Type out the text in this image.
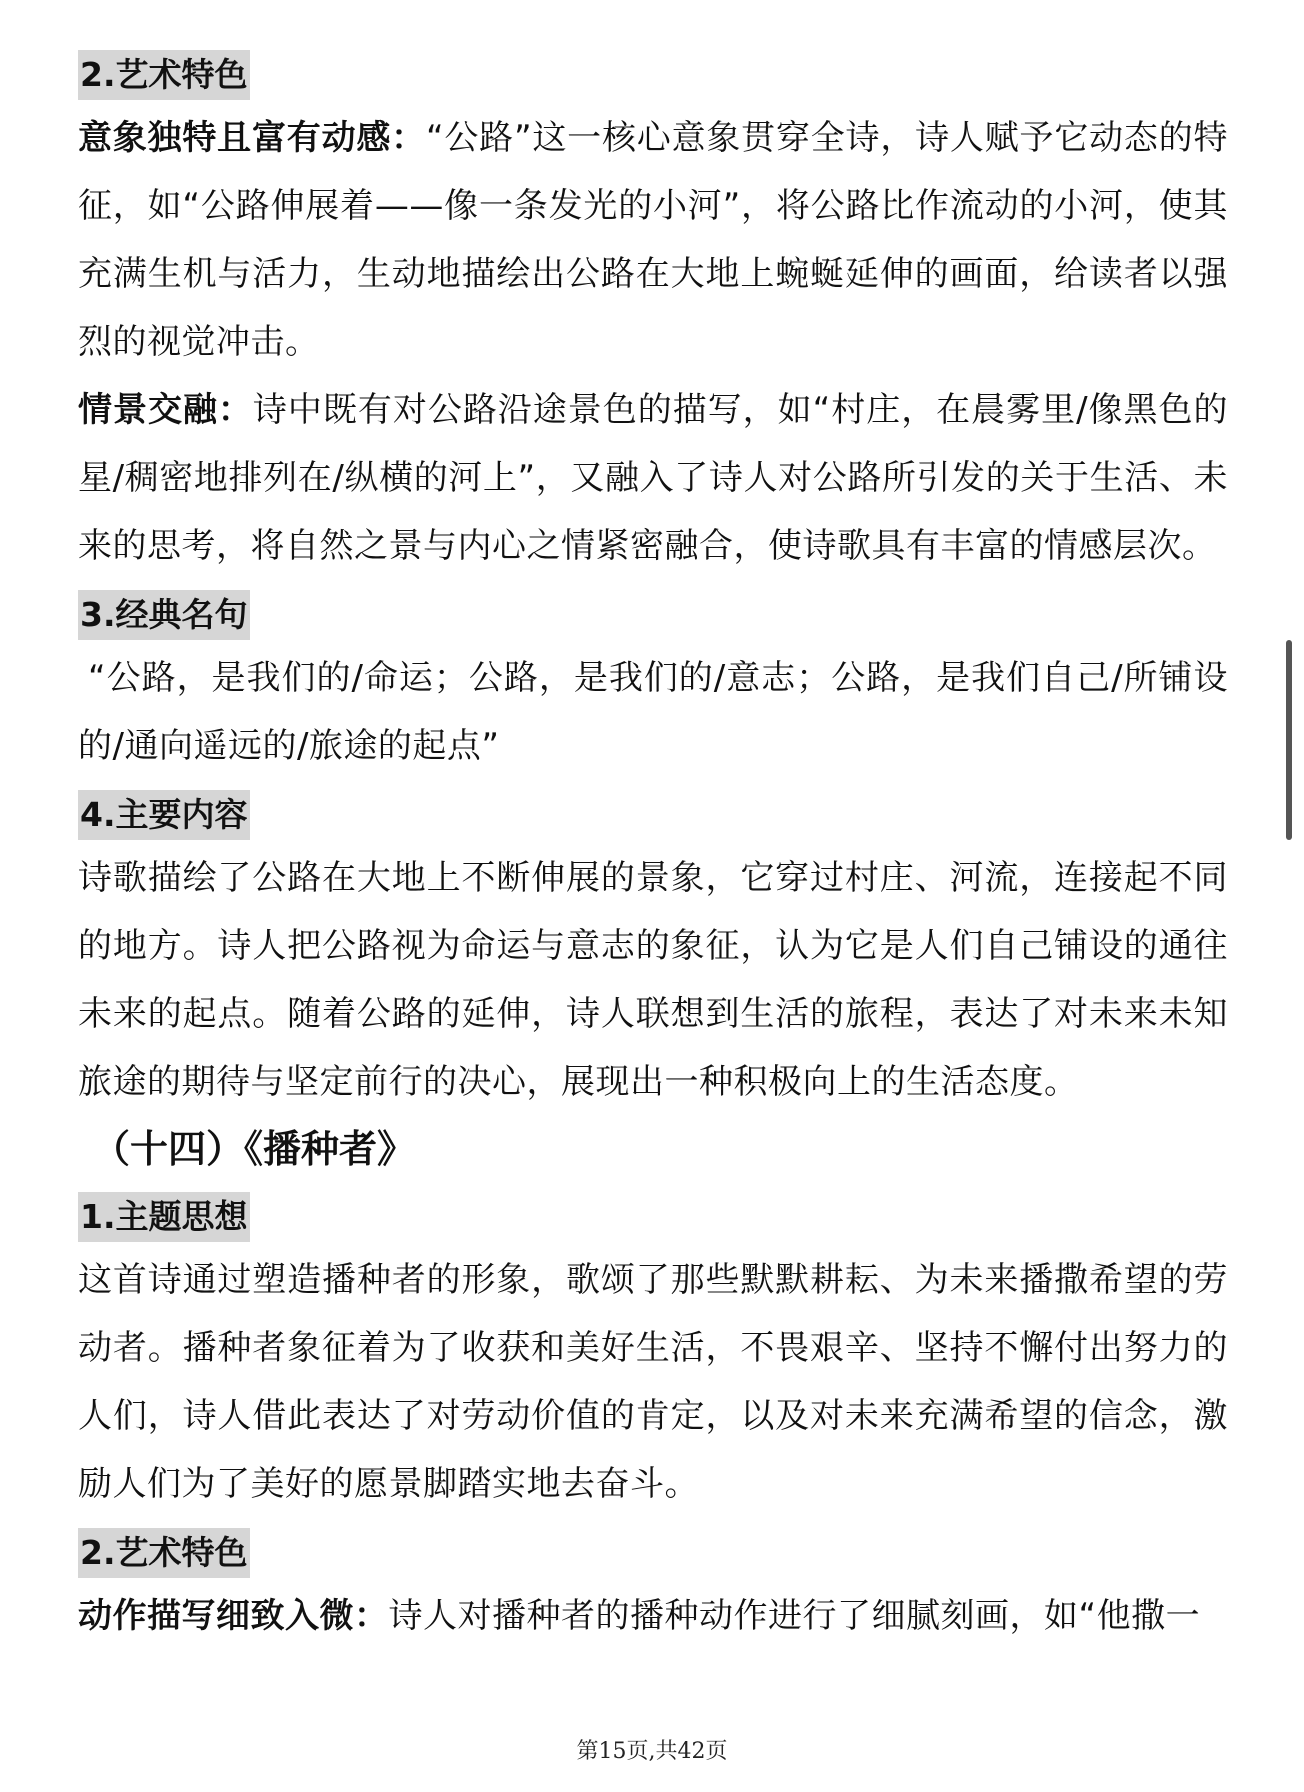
2.艺术特色

意象独特且富有动感：“公路”这一核心意象贯穿全诗，诗人赋予它动态的特征，如“公路伸展着——像一条发光的小河”，将公路比作流动的小河，使其充满生机与活力，生动地描绘出公路在大地上蜿蜒延伸的画面，给读者以强烈的视觉冲击。

情景交融：诗中既有对公路沿途景色的描写，如“村庄，在晨雾里/像黑色的星/稠密地排列在/纵横的河上”，又融入了诗人对公路所引发的关于生活、未来的思考，将自然之景与内心之情紧密融合，使诗歌具有丰富的情感层次。

3.经典名句

“公路，是我们的/命运；公路，是我们的/意志；公路，是我们自己/所铺设的/通向遥远的/旅途的起点”

4.主要内容

诗歌描绘了公路在大地上不断伸展的景象，它穿过村庄、河流，连接起不同的地方。诗人把公路视为命运与意志的象征，认为它是人们自己铺设的通往未来的起点。随着公路的延伸，诗人联想到生活的旅程，表达了对未来未知旅途的期待与坚定前行的决心，展现出一种积极向上的生活态度。

（十四）《播种者》
1.主题思想

这首诗通过塑造播种者的形象，歌颂了那些默默耕耘、为未来播撒希望的劳动者。播种者象征着为了收获和美好生活，不畏艰辛、坚持不懈付出努力的人们，诗人借此表达了对劳动价值的肯定，以及对未来充满希望的信念，激励人们为了美好的愿景脚踏实地去奋斗。

2.艺术特色

动作描写细致入微：诗人对播种者的播种动作进行了细腻刻画，如“他撒一

第15页,共42页
